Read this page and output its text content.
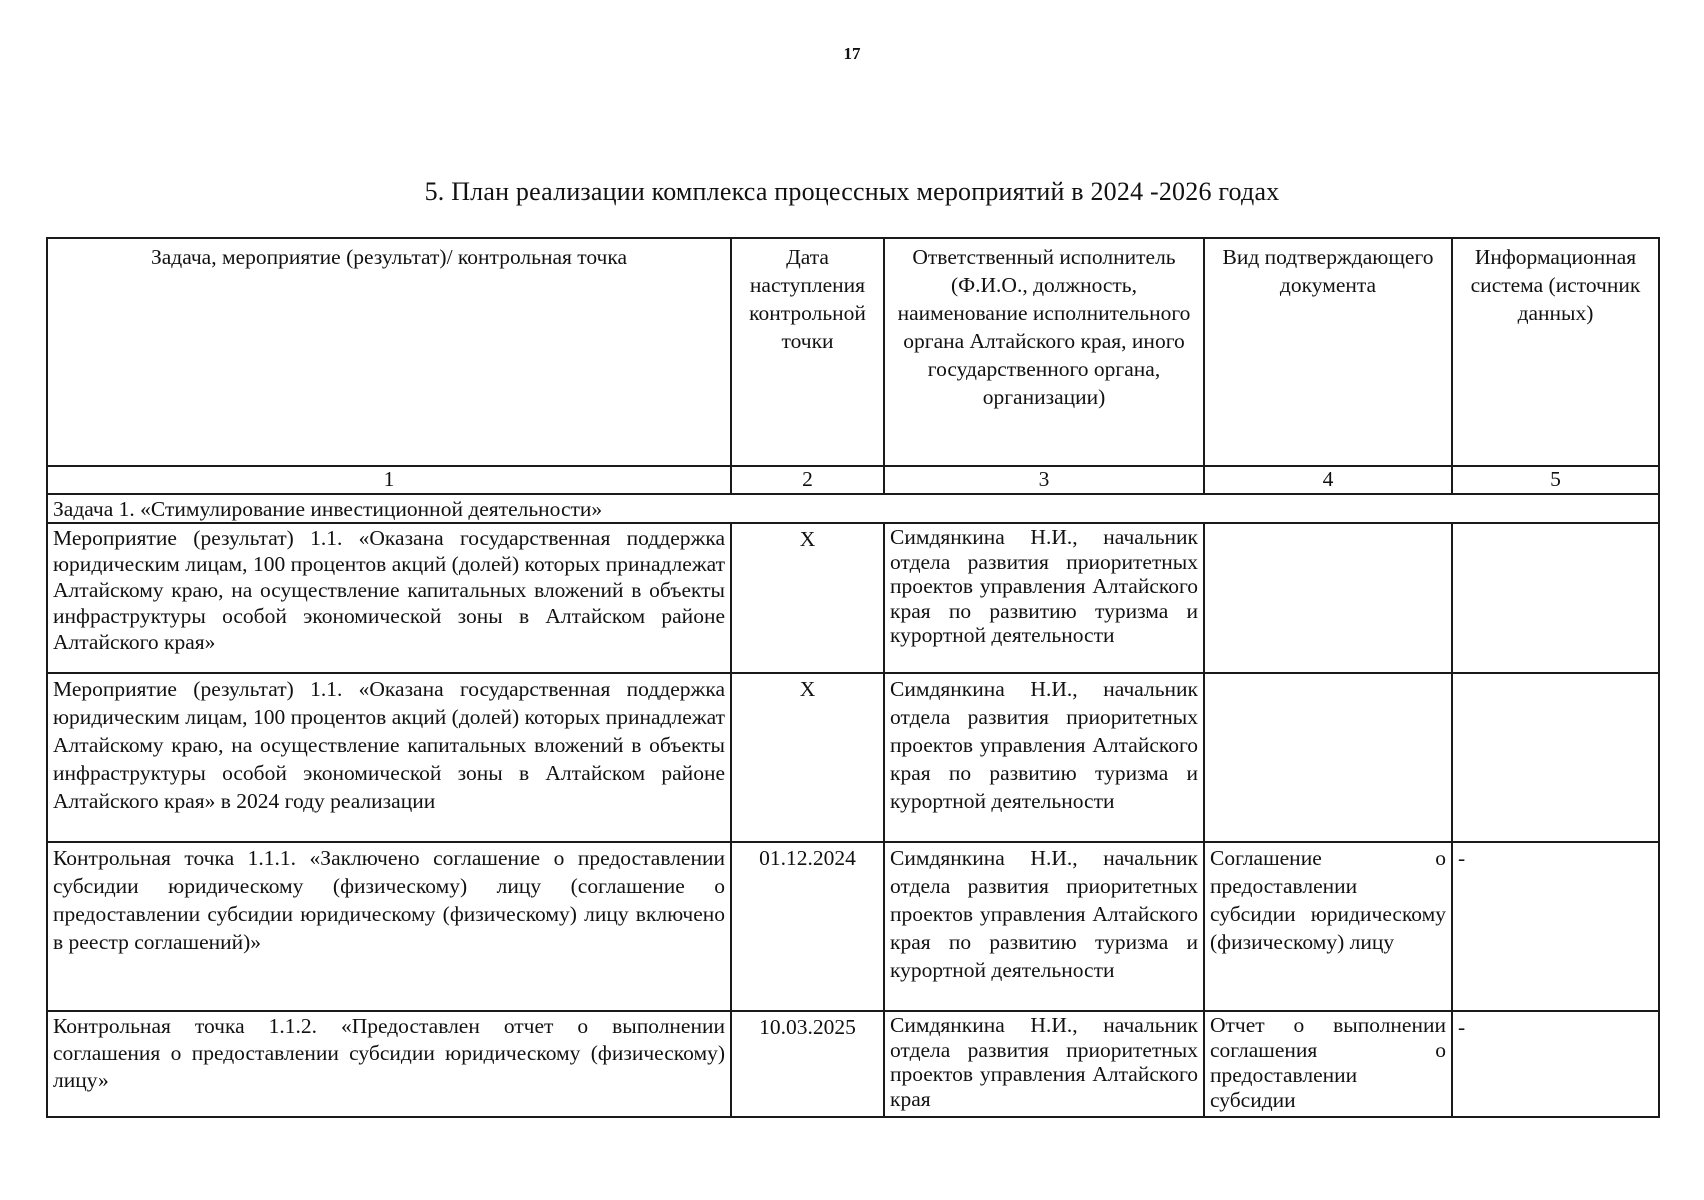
17
5. План реализации комплекса процессных мероприятий в 2024 -2026 годах
Задача, мероприятие (результат)/ контрольная точка	Дата наступления контрольной точки	Ответственный исполнитель (Ф.И.О., должность, наименование исполнительного органа Алтайского края, иного государственного органа, организации)	Вид подтверждающего документа	Информационная система (источник данных)
1	2	3	4	5
Задача 1. «Стимулирование инвестиционной деятельности»				
Мероприятие (результат) 1.1. «Оказана государственная поддержка юридическим лицам, 100 процентов акций (долей) которых принадлежат Алтайскому краю, на осуществление капитальных вложений в объекты инфраструктуры особой экономической зоны в Алтайском районе Алтайского края»	X	Симдянкина Н.И., начальник отдела развития приоритетных проектов управления Алтайского края по развитию туризма и курортной деятельности		
Мероприятие (результат) 1.1. «Оказана государственная поддержка юридическим лицам, 100 процентов акций (долей) которых принадлежат Алтайскому краю, на осуществление капитальных вложений в объекты инфраструктуры особой экономической зоны в Алтайском районе Алтайского края» в 2024 году реализации	X	Симдянкина Н.И., начальник отдела развития приоритетных проектов управления Алтайского края по развитию туризма и курортной деятельности		
Контрольная точка 1.1.1. «Заключено соглашение о предоставлении субсидии юридическому (физическому) лицу (соглашение о предоставлении субсидии юридическому (физическому) лицу включено в реестр соглашений)»	01.12.2024	Симдянкина Н.И., начальник отдела развития приоритетных проектов управления Алтайского края по развитию туризма и курортной деятельности	Соглашение о предоставлении субсидии юридическому (физическому) лицу	-
Контрольная точка 1.1.2. «Предоставлен отчет о выполнении соглашения о предоставлении субсидии юридическому (физическому) лицу»	10.03.2025	Симдянкина Н.И., начальник отдела развития приоритетных проектов управления Алтайского края	Отчет о выполнении соглашения о предоставлении субсидии	-
